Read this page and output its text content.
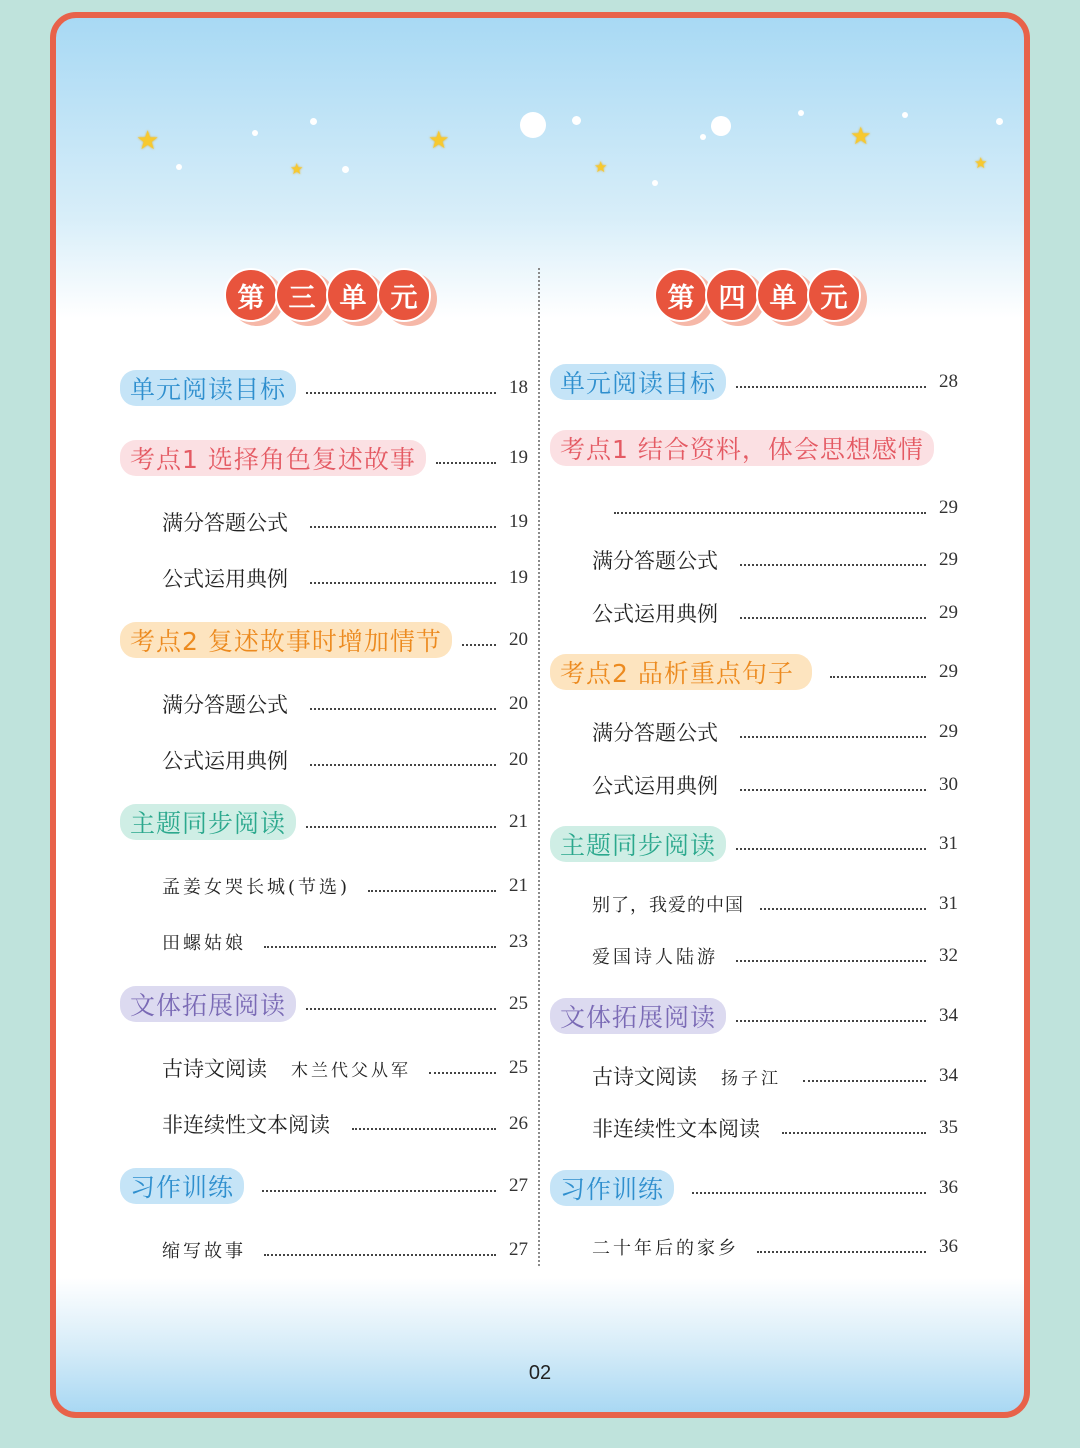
★
★
★
★
★
★
第 三 单 元	第 四 单 元
单元阅读目标	18
考点1 选择角色复述故事	19
满分答题公式	19
公式运用典例	19
考点2 复述故事时增加情节	20
满分答题公式	20
公式运用典例	20
主题同步阅读	21
孟姜女哭长城(节选)	21
田螺姑娘	23
文体拓展阅读	25
古诗文阅读 木兰代父从军	25
非连续性文本阅读	26
习作训练	27
缩写故事	27
单元阅读目标	28
考点1 结合资料，体会思想感情
29
满分答题公式	29
公式运用典例	29
考点2 品析重点句子	29
满分答题公式	29
公式运用典例	30
主题同步阅读	31
别了，我爱的中国	31
爱国诗人陆游	32
文体拓展阅读	34
古诗文阅读 扬子江	34
非连续性文本阅读	35
习作训练	36
二十年后的家乡	36
02
